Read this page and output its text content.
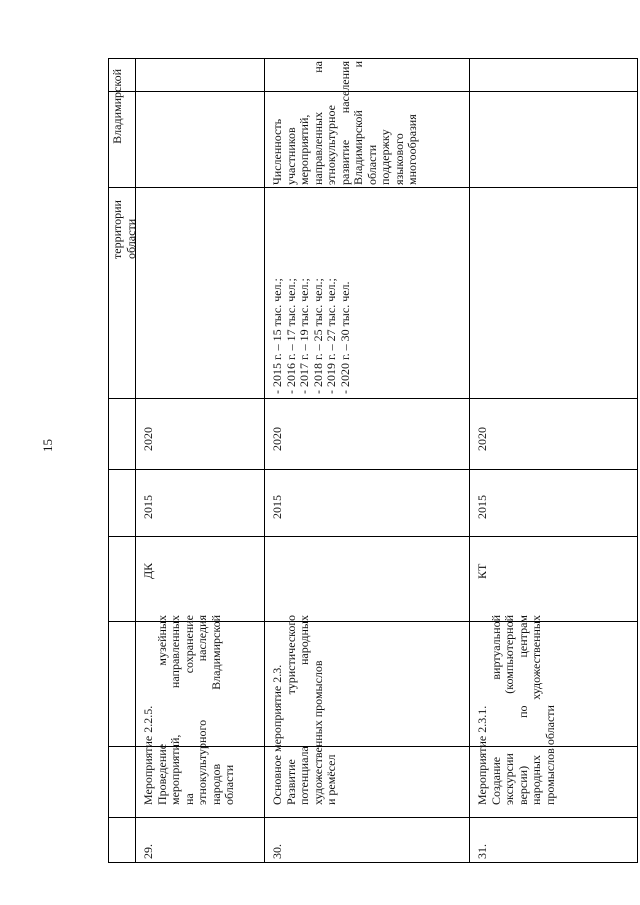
15
территории Владимирской области
29.
Мероприятие 2.2.5. Проведение музейных мероприятий, направленных на сохранение этнокультурного наследия народов Владимирской области
ДК
2015
2020
30.
Основное мероприятие 2.3. Развитие туристического потенциала народных художественных промыслов и ремёсел
2015
2020
- 2015 г. – 15 тыс. чел.; - 2016 г. – 17 тыс. чел.; - 2017 г. – 19 тыс. чел.; - 2018 г. – 25 тыс. чел.; - 2019 г. – 27 тыс. чел.; - 2020 г. – 30 тыс. чел.
Численность участников мероприятий, направленных на этнокультурное развитие населения Владимирской и области поддержку языкового многообразия
31.
Мероприятие 2.3.1. Создание виртуальной экскурсии (компьютерной версии) по центрам народных художественных промыслов области
КТ
2015
2020
